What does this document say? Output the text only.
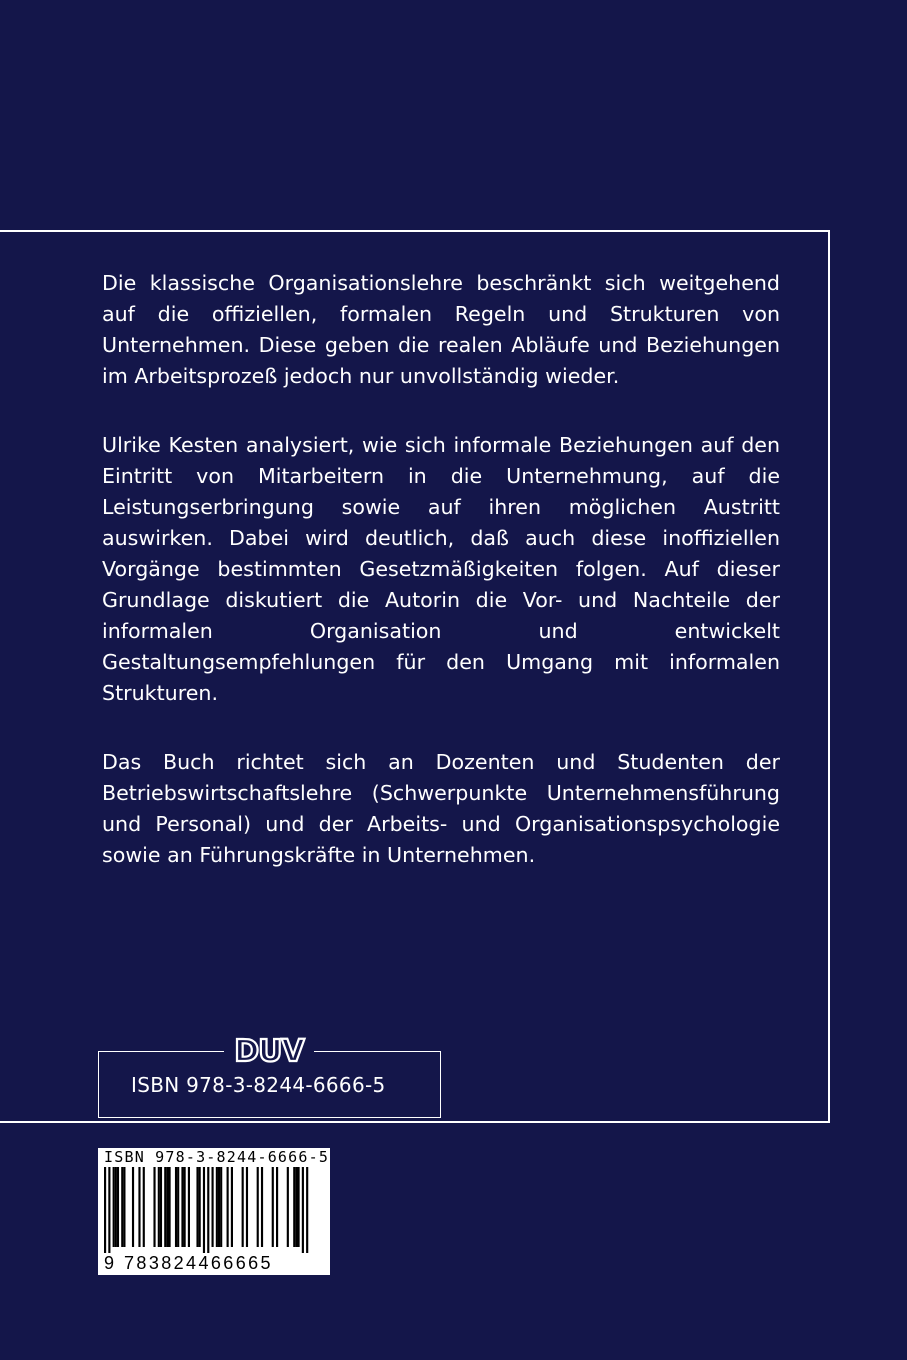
Die klassische Organisationslehre beschränkt sich weitgehend auf die offiziellen, formalen Regeln und Strukturen von Unternehmen. Diese geben die realen Abläufe und Beziehungen im Arbeitsprozeß jedoch nur unvollständig wieder.

Ulrike Kesten analysiert, wie sich informale Beziehungen auf den Eintritt von Mitarbeitern in die Unternehmung, auf die Leistungserbringung sowie auf ihren möglichen Austritt auswirken. Dabei wird deutlich, daß auch diese inoffiziellen Vorgänge bestimmten Gesetzmäßigkeiten folgen. Auf dieser Grundlage diskutiert die Autorin die Vor- und Nachteile der informalen Organisation und entwickelt Gestaltungsempfehlungen für den Umgang mit informalen Strukturen.

Das Buch richtet sich an Dozenten und Studenten der Betriebswirtschaftslehre (Schwerpunkte Unternehmensführung und Personal) und der Arbeits- und Organisationspsychologie sowie an Führungskräfte in Unternehmen.

ISBN 978-3-8244-6666-5
DUV
ISBN 978-3-8244-6666-5
9 783824466665
